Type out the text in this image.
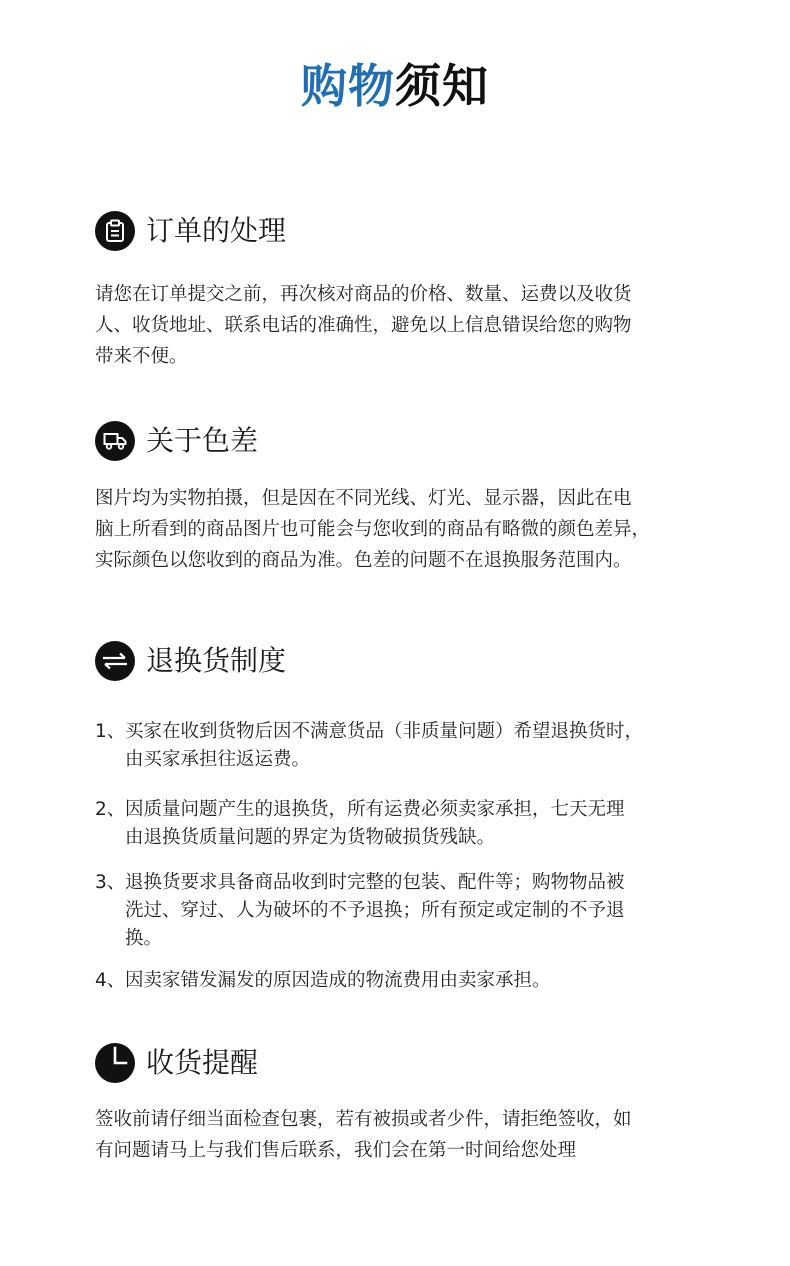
购物须知
订单的处理
请您在订单提交之前，再次核对商品的价格、数量、运费以及收货
人、收货地址、联系电话的准确性，避免以上信息错误给您的购物
带来不便。
关于色差
图片均为实物拍摄，但是因在不同光线、灯光、显示器，因此在电
脑上所看到的商品图片也可能会与您收到的商品有略微的颜色差异，
实际颜色以您收到的商品为准。色差的问题不在退换服务范围内。
退换货制度
1、买家在收到货物后因不满意货品（非质量问题）希望退换货时，
由买家承担往返运费。
2、因质量问题产生的退换货，所有运费必须卖家承担，七天无理
由退换货质量问题的界定为货物破损货残缺。
3、退换货要求具备商品收到时完整的包装、配件等；购物物品被
洗过、穿过、人为破坏的不予退换；所有预定或定制的不予退
换。
4、因卖家错发漏发的原因造成的物流费用由卖家承担。
收货提醒
签收前请仔细当面检查包裹，若有被损或者少件，请拒绝签收，如
有问题请马上与我们售后联系，我们会在第一时间给您处理
